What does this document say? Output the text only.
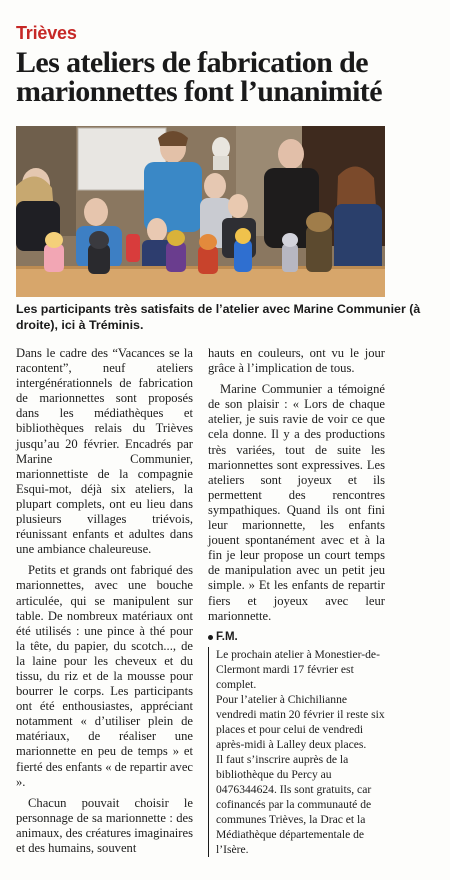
Trièves
Les ateliers de fabrication de marionnettes font l’unanimité

Les participants très satisfaits de l’atelier avec Marine Communier (à droite), ici à Tréminis.

Dans le cadre des “Vacances se la racontent”, neuf ateliers intergénérationnels de fabrication de marionnettes sont proposés dans les médiathèques et bibliothèques relais du Trièves jusqu’au 20 février. Encadrés par Marine Communier, marionnettiste de la compagnie Esqui-mot, déjà six ateliers, la plupart complets, ont eu lieu dans plusieurs villages triévois, réunissant enfants et adultes dans une ambiance chaleureuse.

Petits et grands ont fabriqué des marionnettes, avec une bouche articulée, qui se manipulent sur table. De nombreux matériaux ont été utilisés : une pince à thé pour la tête, du papier, du scotch..., de la laine pour les cheveux et du tissu, du riz et de la mousse pour bourrer le corps. Les participants ont été enthousiastes, appréciant notamment « d’utiliser plein de matériaux, de réaliser une marionnette en peu de temps » et fierté des enfants « de repartir avec ».

Chacun pouvait choisir le personnage de sa marionnette : des animaux, des créatures imaginaires et des humains, souvent

hauts en couleurs, ont vu le jour grâce à l’implication de tous.

Marine Communier a témoigné de son plaisir : « Lors de chaque atelier, je suis ravie de voir ce que cela donne. Il y a des productions très variées, tout de suite les marionnettes sont expressives. Les ateliers sont joyeux et ils permettent des rencontres sympathiques. Quand ils ont fini leur marionnette, les enfants jouent spontanément avec et à la fin je leur propose un court temps de manipulation avec un petit jeu simple. » Et les enfants de repartir fiers et joyeux avec leur marionnette.

F.M.

Le prochain atelier à Monestier-de-Clermont mardi 17 février est complet.

Pour l’atelier à Chichilianne vendredi matin 20 février il reste six places et pour celui de vendredi après-midi à Lalley deux places.

Il faut s’inscrire auprès de la bibliothèque du Percy au 0476344624. Ils sont gratuits, car cofinancés par la communauté de communes Trièves, la Drac et la Médiathèque départementale de l’Isère.
